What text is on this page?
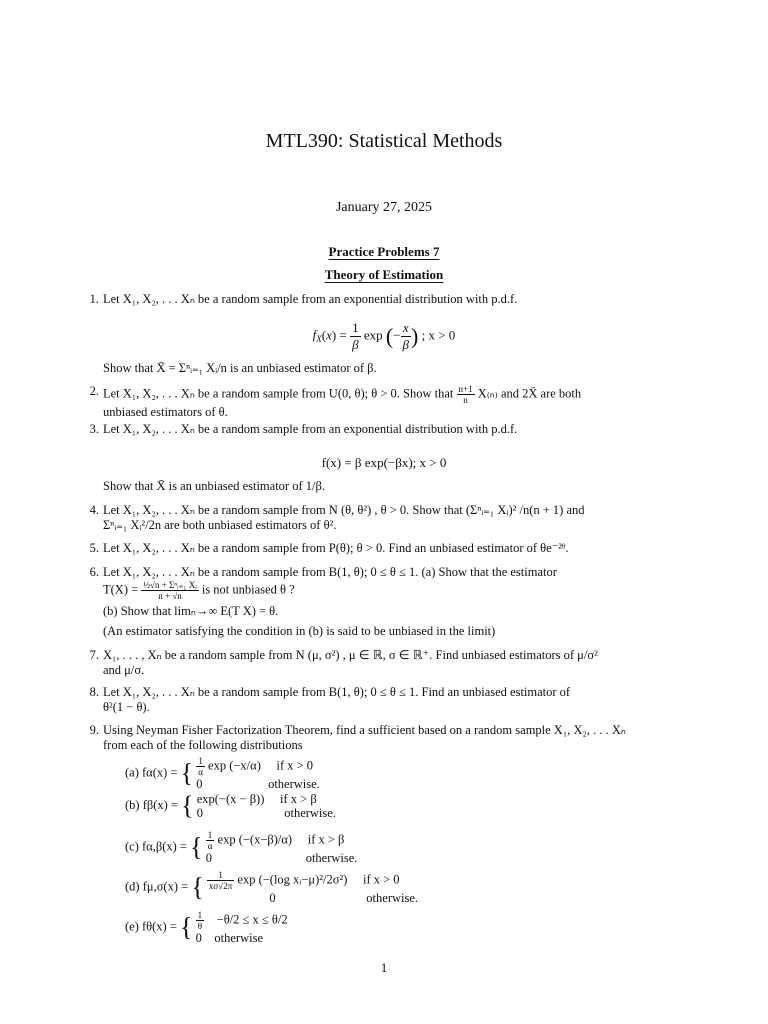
MTL390: Statistical Methods
January 27, 2025
Practice Problems 7
Theory of Estimation
1. Let X₁, X₂, . . . Xₙ be a random sample from an exponential distribution with p.d.f.
$f_X(x) = \frac{1}{\beta}$ exp (− $\frac{x}{\beta}$ ) ; x > 0
Show that X̄ = Σⁿᵢ₌₁ Xᵢ/n is an unbiased estimator of β.
2. Let X₁, X₂, . . . Xₙ be a random sample from U(0, θ); θ > 0. Show that $\frac{n+1}{n} X_{(n)}$ and 2X̄ are both
unbiased estimators of θ.
3. Let X₁, X₂, . . . Xₙ be a random sample from an exponential distribution with p.d.f.
f(x) = β exp(−βx); x > 0
Show that X̄ is an unbiased estimator of 1/β.
4. Let X₁, X₂, . . . Xₙ be a random sample from N (θ, θ²) , θ > 0. Show that (Σⁿᵢ₌₁ Xᵢ)² /n(n + 1) and
Σⁿᵢ₌₁ Xᵢ²/2n are both unbiased estimators of θ².
5. Let X₁, X₂, . . . Xₙ be a random sample from P(θ); θ > 0. Find an unbiased estimator of θe⁻²ᶿ.
6. Let X₁, X₂, . . . Xₙ be a random sample from B(1, θ); 0 ≤ θ ≤ 1. (a) Show that the estimator
$T(X) = \frac{\text{½√n + Σⁿᵢ₌₁ Xᵢ}}{n + √n}$ is not unbiased θ ?
(b) Show that limₙ→∞ E(T X) = θ.
(An estimator satisfying the condition in (b) is said to be unbiased in the limit)
7. X₁, . . . , Xₙ be a random sample from N (μ, σ²) , μ ∈ ℝ, σ ∈ ℝ⁺. Find unbiased estimators of μ/σ²
and μ/σ.
8. Let X₁, X₂, . . . Xₙ be a random sample from B(1, θ); 0 ≤ θ ≤ 1. Find an unbiased estimator of
θ²(1 − θ).
9. Using Neyman Fisher Factorization Theorem, find a sufficient based on a random sample X₁, X₂, . . . Xₙ
from each of the following distributions
(a) fα(x) = { $\frac{1}{\alpha}$ exp (−x/α) if x > 0
0	otherwise.
(b) fβ(x) = { exp(−(x − β)) if x > β
0	otherwise.
(c) fα,β(x) = { $\frac{1}{\alpha}$ exp (−(x−β)/α) if x > β
0	otherwise.
(d) fμ,σ(x) = { $\frac{1}{x\sigma√2\pi}$ exp (−(log xᵢ−μ)²/2σ²) if x > 0
0	otherwise.
(e) fθ(x) = { $\frac{1}{\theta} -\theta/2 \le x \le \theta/2$
0 otherwise
1
